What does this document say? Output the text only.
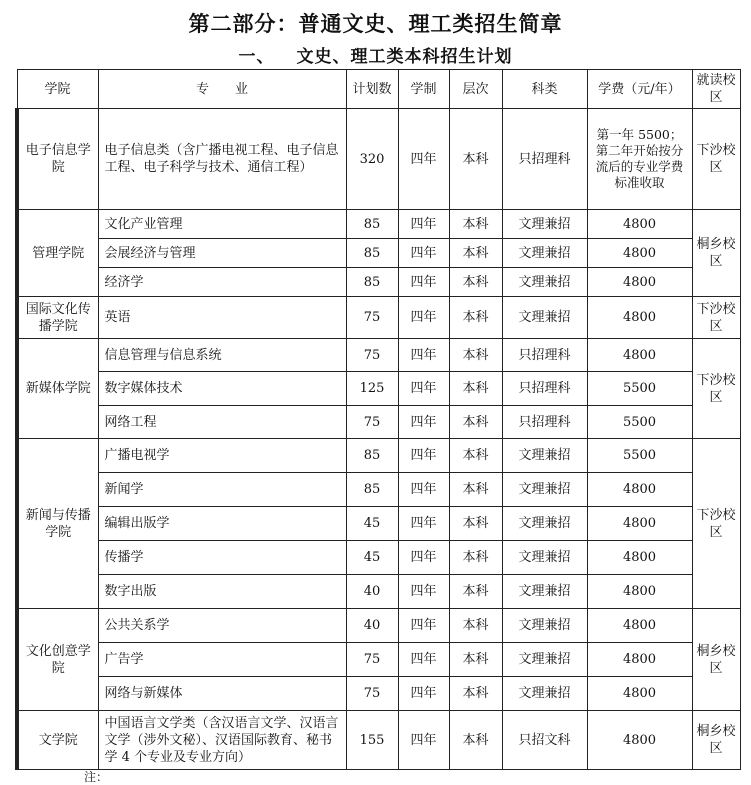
第二部分：普通文史、理工类招生简章
一、 文史、理工类本科招生计划
学院	专　　业	计划数	学制	层次	科类	学费（元/年）	就读校区
电子信息学院	电子信息类（含广播电视工程、电子信息工程、电子科学与技术、通信工程）	320	四年	本科	只招理科	第一年 5500；第二年开始按分流后的专业学费标准收取	下沙校区
管理学院	文化产业管理	85	四年	本科	文理兼招	4800	桐乡校区
	会展经济与管理	85	四年	本科	文理兼招	4800	
	经济学	85	四年	本科	文理兼招	4800	
国际文化传播学院	英语	75	四年	本科	文理兼招	4800	下沙校区
新媒体学院	信息管理与信息系统	75	四年	本科	只招理科	4800	下沙校区
	数字媒体技术	125	四年	本科	只招理科	5500	
	网络工程	75	四年	本科	只招理科	5500	
新闻与传播学院	广播电视学	85	四年	本科	文理兼招	5500	下沙校区
	新闻学	85	四年	本科	文理兼招	4800	
	编辑出版学	45	四年	本科	文理兼招	4800	
	传播学	45	四年	本科	文理兼招	4800	
	数字出版	40	四年	本科	文理兼招	4800	
文化创意学院	公共关系学	40	四年	本科	文理兼招	4800	桐乡校区
	广告学	75	四年	本科	文理兼招	4800	
	网络与新媒体	75	四年	本科	文理兼招	4800	
文学院	中国语言文学类（含汉语言文学、汉语言文学（涉外文秘）、汉语国际教育、秘书学 4 个专业及专业方向）	155	四年	本科	只招文科	4800	桐乡校区
注：
